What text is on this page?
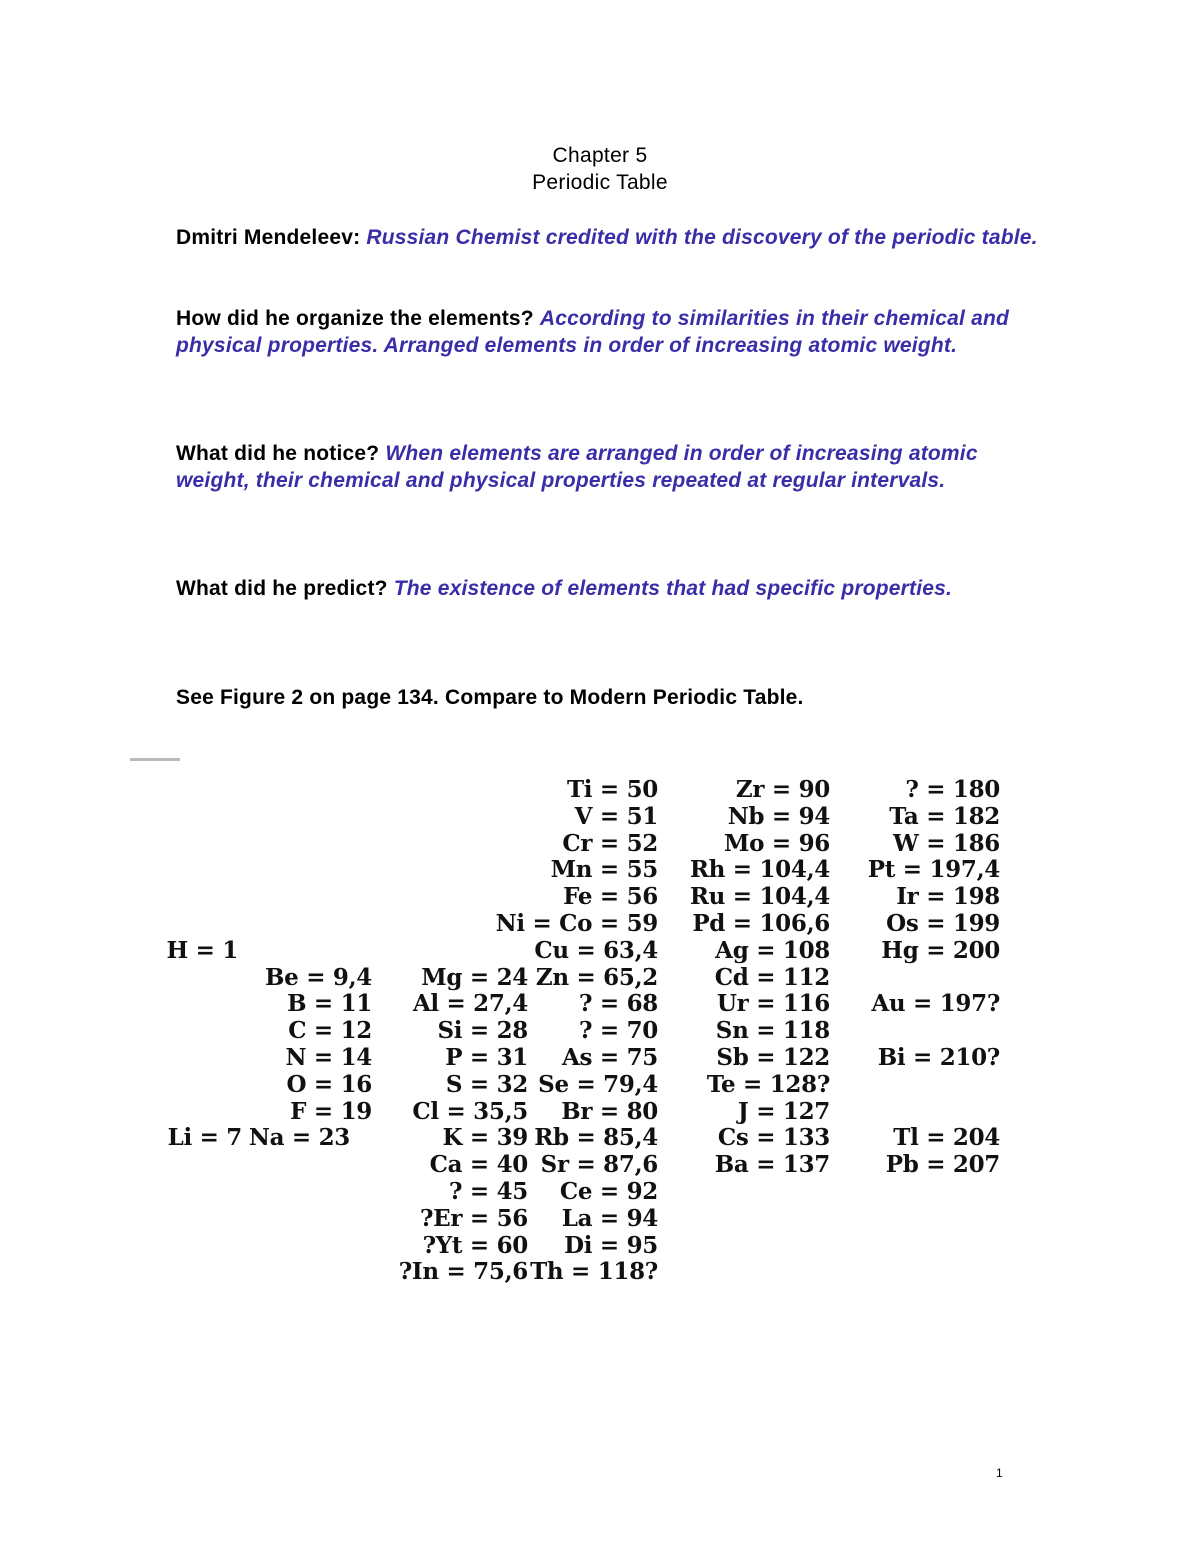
Chapter 5
Periodic Table
Dmitri Mendeleev: Russian Chemist credited with the discovery of the periodic table.
How did he organize the elements? According to similarities in their chemical and physical properties. Arranged elements in order of increasing atomic weight.
What did he notice? When elements are arranged in order of increasing atomic weight, their chemical and physical properties repeated at regular intervals.
What did he predict? The existence of elements that had specific properties.
See Figure 2 on page 134. Compare to Modern Periodic Table.
Ti = 50
V = 51
Cr = 52
Mn = 55
Fe = 56
Ni = Co = 59
Cu = 63,4
Zn = 65,2
? = 68
? = 70
As = 75
Se = 79,4
Br = 80
Rb = 85,4
Sr = 87,6
Ce = 92
La = 94
Di = 95
Th = 118?
Zr = 90
Nb = 94
Mo = 96
Rh = 104,4
Ru = 104,4
Pd = 106,6
Ag = 108
Cd = 112
Ur = 116
Sn = 118
Sb = 122
Te = 128?
J = 127
Cs = 133
Ba = 137
? = 180
Ta = 182
W = 186
Pt = 197,4
Ir = 198
Os = 199
Hg = 200
Au = 197?
Bi = 210?
Tl = 204
Pb = 207
H = 1
Be = 9,4
B = 11
C = 12
N = 14
O = 16
F = 19
Li = 7 Na = 23
Mg = 24
Al = 27,4
Si = 28
P = 31
S = 32
Cl = 35,5
K = 39
Ca = 40
? = 45
?Er = 56
?Yt = 60
?In = 75,6
1
